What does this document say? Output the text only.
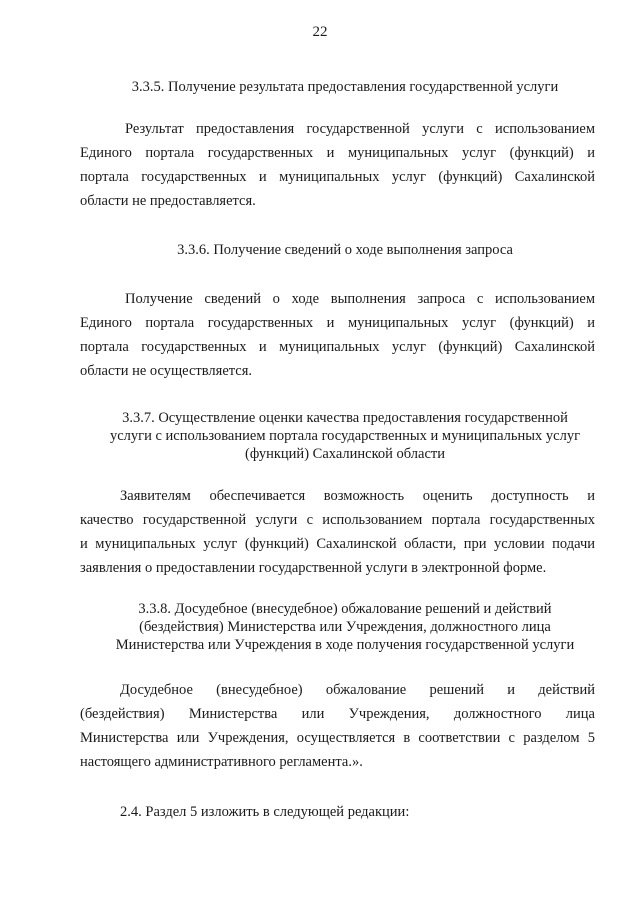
22
3.3.5. Получение результата предоставления государственной услуги
Результат предоставления государственной услуги с использованием
Единого портала государственных и муниципальных услуг (функций) и
портала государственных и муниципальных услуг (функций) Сахалинской
области не предоставляется.
3.3.6. Получение сведений о ходе выполнения запроса
Получение сведений о ходе выполнения запроса с использованием
Единого портала государственных и муниципальных услуг (функций) и
портала государственных и муниципальных услуг (функций) Сахалинской
области не осуществляется.
3.3.7. Осуществление оценки качества предоставления государственной
услуги с использованием портала государственных и муниципальных услуг
(функций) Сахалинской области
Заявителям обеспечивается возможность оценить доступность и
качество государственной услуги с использованием портала государственных
и муниципальных услуг (функций) Сахалинской области, при условии подачи
заявления о предоставлении государственной услуги в электронной форме.
3.3.8. Досудебное (внесудебное) обжалование решений и действий
(бездействия) Министерства или Учреждения, должностного лица
Министерства или Учреждения в ходе получения государственной услуги
Досудебное (внесудебное) обжалование решений и действий
(бездействия) Министерства или Учреждения, должностного лица
Министерства или Учреждения, осуществляется в соответствии с разделом 5
настоящего административного регламента.».
2.4. Раздел 5 изложить в следующей редакции:
